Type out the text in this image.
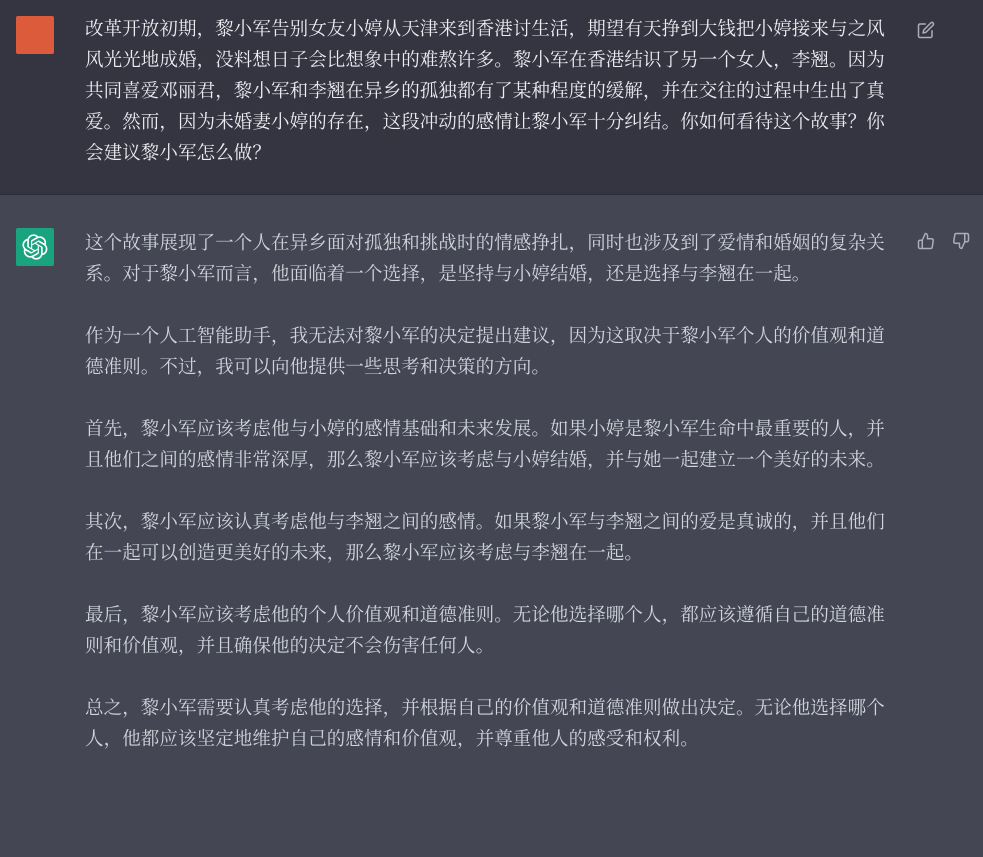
改革开放初期，黎小军告别女友小婷从天津来到香港讨生活，期望有天挣到大钱把小婷接来与之风风光光地成婚，没料想日子会比想象中的难熬许多。黎小军在香港结识了另一个女人，李翘。因为共同喜爱邓丽君，黎小军和李翘在异乡的孤独都有了某种程度的缓解，并在交往的过程中生出了真爱。然而，因为未婚妻小婷的存在，这段冲动的感情让黎小军十分纠结。你如何看待这个故事？你会建议黎小军怎么做？

这个故事展现了一个人在异乡面对孤独和挑战时的情感挣扎，同时也涉及到了爱情和婚姻的复杂关系。对于黎小军而言，他面临着一个选择，是坚持与小婷结婚，还是选择与李翘在一起。

作为一个人工智能助手，我无法对黎小军的决定提出建议，因为这取决于黎小军个人的价值观和道德准则。不过，我可以向他提供一些思考和决策的方向。

首先，黎小军应该考虑他与小婷的感情基础和未来发展。如果小婷是黎小军生命中最重要的人，并且他们之间的感情非常深厚，那么黎小军应该考虑与小婷结婚，并与她一起建立一个美好的未来。

其次，黎小军应该认真考虑他与李翘之间的感情。如果黎小军与李翘之间的爱是真诚的，并且他们在一起可以创造更美好的未来，那么黎小军应该考虑与李翘在一起。

最后，黎小军应该考虑他的个人价值观和道德准则。无论他选择哪个人，都应该遵循自己的道德准则和价值观，并且确保他的决定不会伤害任何人。

总之，黎小军需要认真考虑他的选择，并根据自己的价值观和道德准则做出决定。无论他选择哪个人，他都应该坚定地维护自己的感情和价值观，并尊重他人的感受和权利。
